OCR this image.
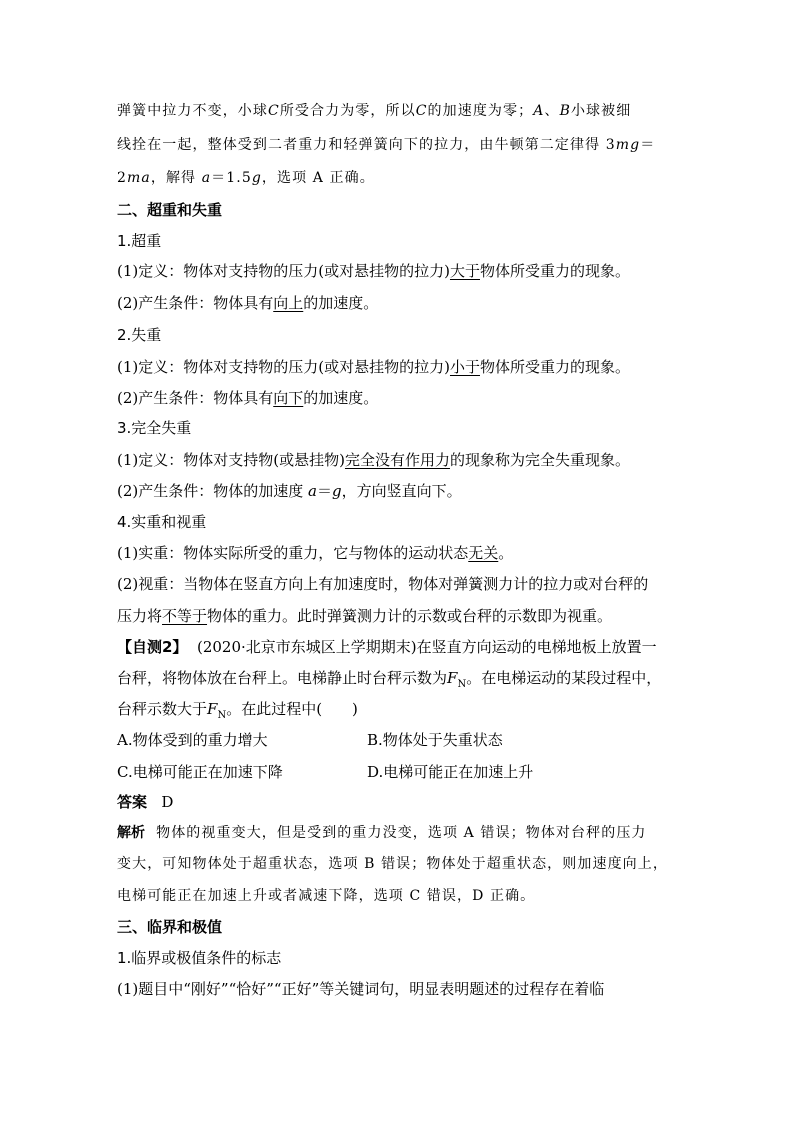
弹簧中拉力不变，小球C所受合力为零，所以C的加速度为零；A、B小球被细
线拴在一起，整体受到二者重力和轻弹簧向下的拉力，由牛顿第二定律得 3mg＝
2ma，解得 a＝1.5g，选项 A 正确。
二、超重和失重
1.超重
(1)定义：物体对支持物的压力(或对悬挂物的拉力)大于物体所受重力的现象。
(2)产生条件：物体具有向上的加速度。
2.失重
(1)定义：物体对支持物的压力(或对悬挂物的拉力)小于物体所受重力的现象。
(2)产生条件：物体具有向下的加速度。
3.完全失重
(1)定义：物体对支持物(或悬挂物)完全没有作用力的现象称为完全失重现象。
(2)产生条件：物体的加速度 a＝g，方向竖直向下。
4.实重和视重
(1)实重：物体实际所受的重力，它与物体的运动状态无关。
(2)视重：当物体在竖直方向上有加速度时，物体对弹簧测力计的拉力或对台秤的
压力将不等于物体的重力。此时弹簧测力计的示数或台秤的示数即为视重。
【自测2】 (2020·北京市东城区上学期期末)在竖直方向运动的电梯地板上放置一
台秤，将物体放在台秤上。电梯静止时台秤示数为$F_N$。在电梯运动的某段过程中，
台秤示数大于$F_N$。在此过程中(　　)
A.物体受到的重力增大	B.物体处于失重状态
C.电梯可能正在加速下降	D.电梯可能正在加速上升
答案 D
解析 物体的视重变大，但是受到的重力没变，选项 A 错误；物体对台秤的压力
变大，可知物体处于超重状态，选项 B 错误；物体处于超重状态，则加速度向上，
电梯可能正在加速上升或者减速下降，选项 C 错误，D 正确。
三、临界和极值
1.临界或极值条件的标志
(1)题目中“刚好”“恰好”“正好”等关键词句，明显表明题述的过程存在着临
